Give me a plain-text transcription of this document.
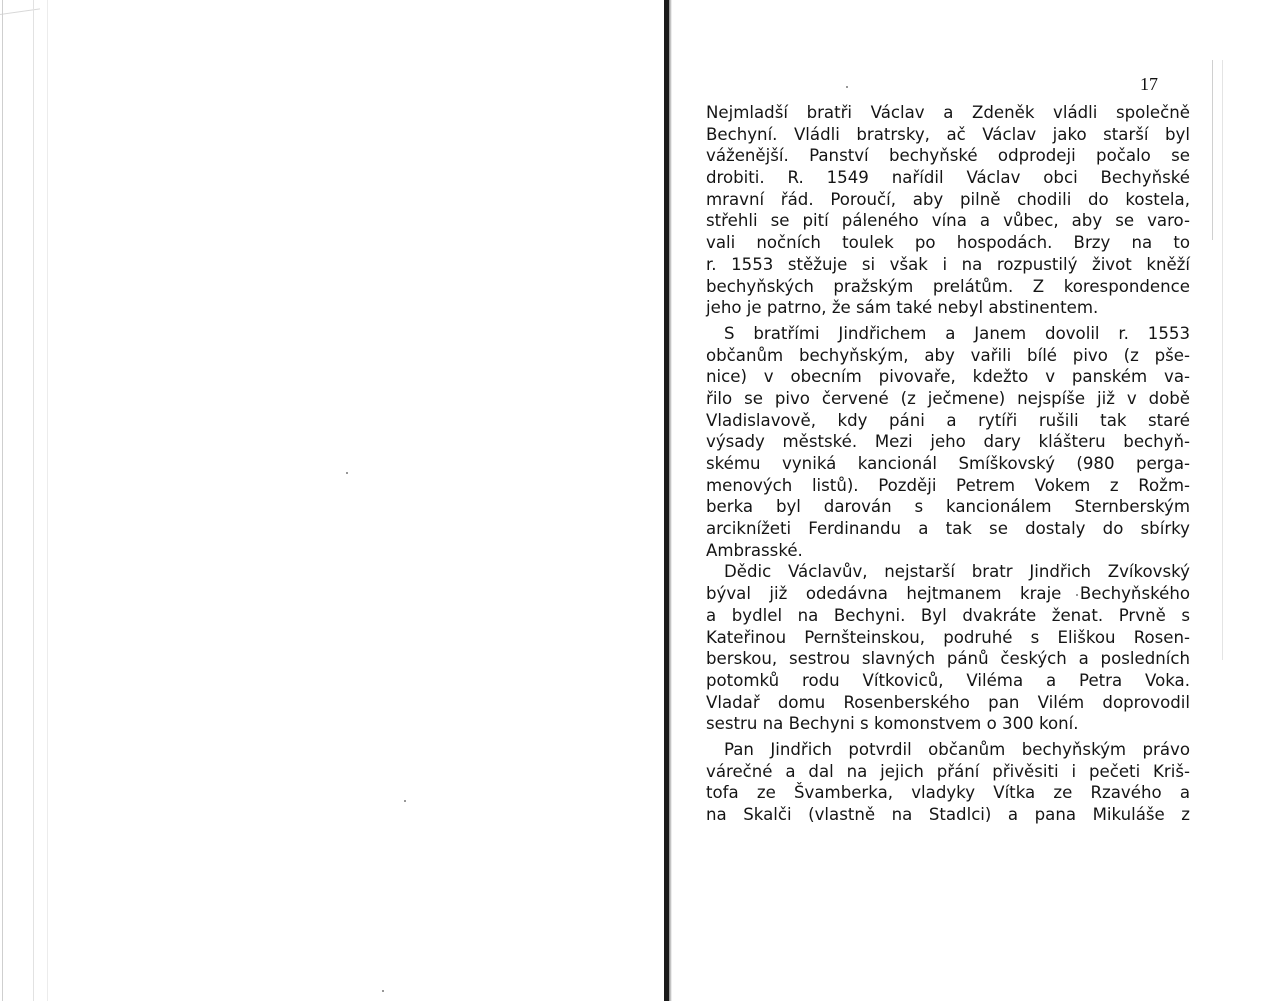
17
Nejmladší bratři Václav a Zdeněk vládli společně
Bechyní. Vládli bratrsky, ač Václav jako starší byl
váženější. Panství bechyňské odprodeji počalo se
drobiti. R. 1549 nařídil Václav obci Bechyňské
mravní řád. Poroučí, aby pilně chodili do kostela,
střehli se pití páleného vína a vůbec, aby se varo-
vali nočních toulek po hospodách. Brzy na to
r. 1553 stěžuje si však i na rozpustilý život kněží
bechyňských pražským prelátům. Z korespondence
jeho je patrno, že sám také nebyl abstinentem.
S bratřími Jindřichem a Janem dovolil r. 1553
občanům bechyňským, aby vařili bílé pivo (z pše-
nice) v obecním pivovaře, kdežto v panském va-
řilo se pivo červené (z ječmene) nejspíše již v době
Vladislavově, kdy páni a rytíři rušili tak staré
výsady městské. Mezi jeho dary klášteru bechyň-
skému vyniká kancionál Smíškovský (980 perga-
menových listů). Později Petrem Vokem z Rožm-
berka byl darován s kancionálem Sternberským
arciknížeti Ferdinandu a tak se dostaly do sbírky
Ambrasské.
Dědic Václavův, nejstarší bratr Jindřich Zvíkovský
býval již odedávna hejtmanem kraje Bechyňského
a bydlel na Bechyni. Byl dvakráte ženat. Prvně s
Kateřinou Pernšteinskou, podruhé s Eliškou Rosen-
berskou, sestrou slavných pánů českých a posledních
potomků rodu Vítkoviců, Viléma a Petra Voka.
Vladař domu Rosenberského pan Vilém doprovodil
sestru na Bechyni s komonstvem o 300 koní.
Pan Jindřich potvrdil občanům bechyňským právo
várečné a dal na jejich přání přivěsiti i pečeti Kriš-
tofa ze Švamberka, vladyky Vítka ze Rzavého a
na Skalči (vlastně na Stadlci) a pana Mikuláše z
